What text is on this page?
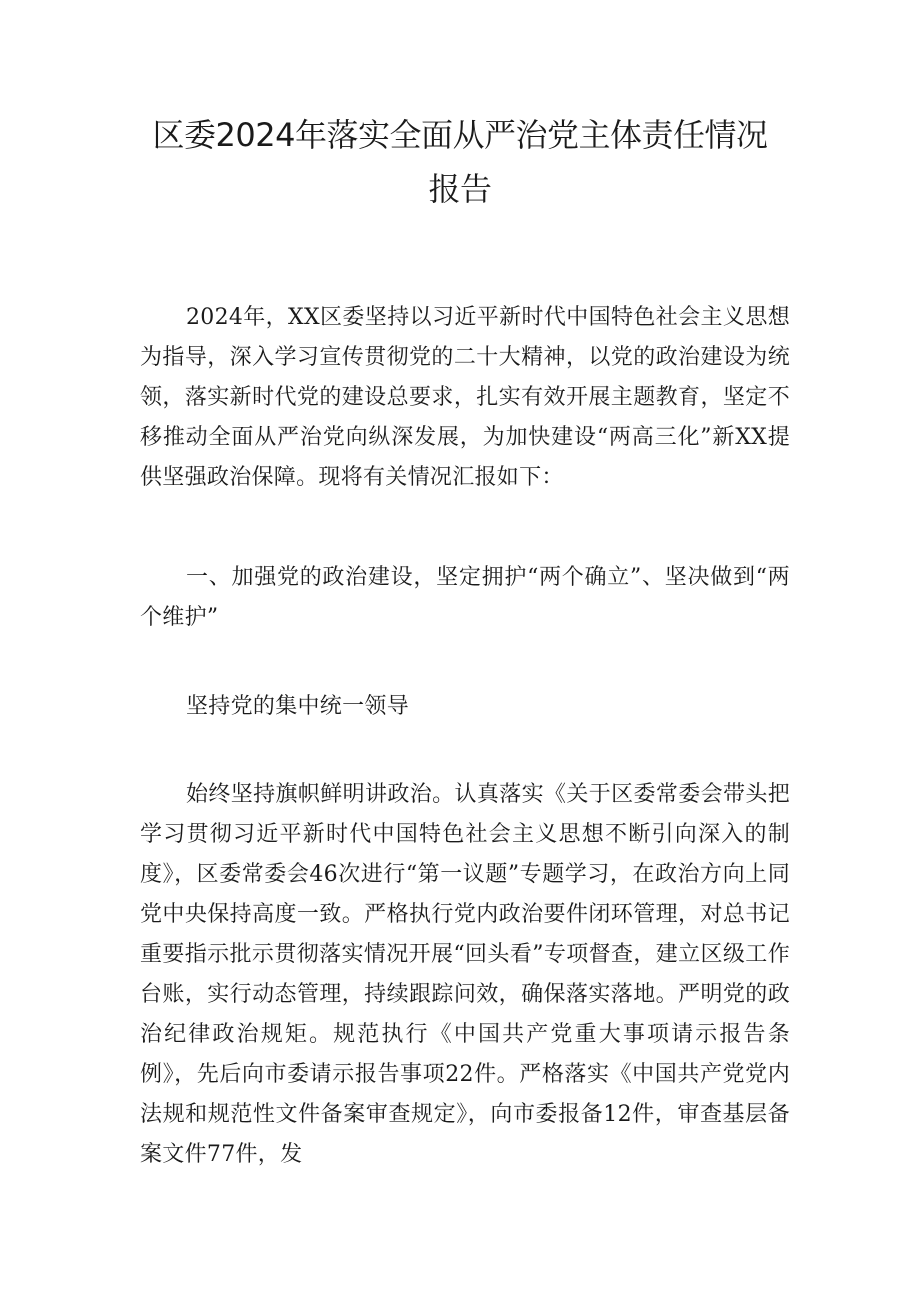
区委2024年落实全面从严治党主体责任情况报告

2024年，XX区委坚持以习近平新时代中国特色社会主义思想为指导，深入学习宣传贯彻党的二十大精神，以党的政治建设为统领，落实新时代党的建设总要求，扎实有效开展主题教育，坚定不移推动全面从严治党向纵深发展，为加快建设“两高三化”新XX提供坚强政治保障。现将有关情况汇报如下：

一、加强党的政治建设，坚定拥护“两个确立”、坚决做到“两个维护”

坚持党的集中统一领导

始终坚持旗帜鲜明讲政治。认真落实《关于区委常委会带头把学习贯彻习近平新时代中国特色社会主义思想不断引向深入的制度》，区委常委会46次进行“第一议题”专题学习，在政治方向上同党中央保持高度一致。严格执行党内政治要件闭环管理，对总书记重要指示批示贯彻落实情况开展“回头看”专项督查，建立区级工作台账，实行动态管理，持续跟踪问效，确保落实落地。严明党的政治纪律政治规矩。规范执行《中国共产党重大事项请示报告条例》，先后向市委请示报告事项22件。严格落实《中国共产党党内法规和规范性文件备案审查规定》，向市委报备12件，审查基层备案文件77件，发
